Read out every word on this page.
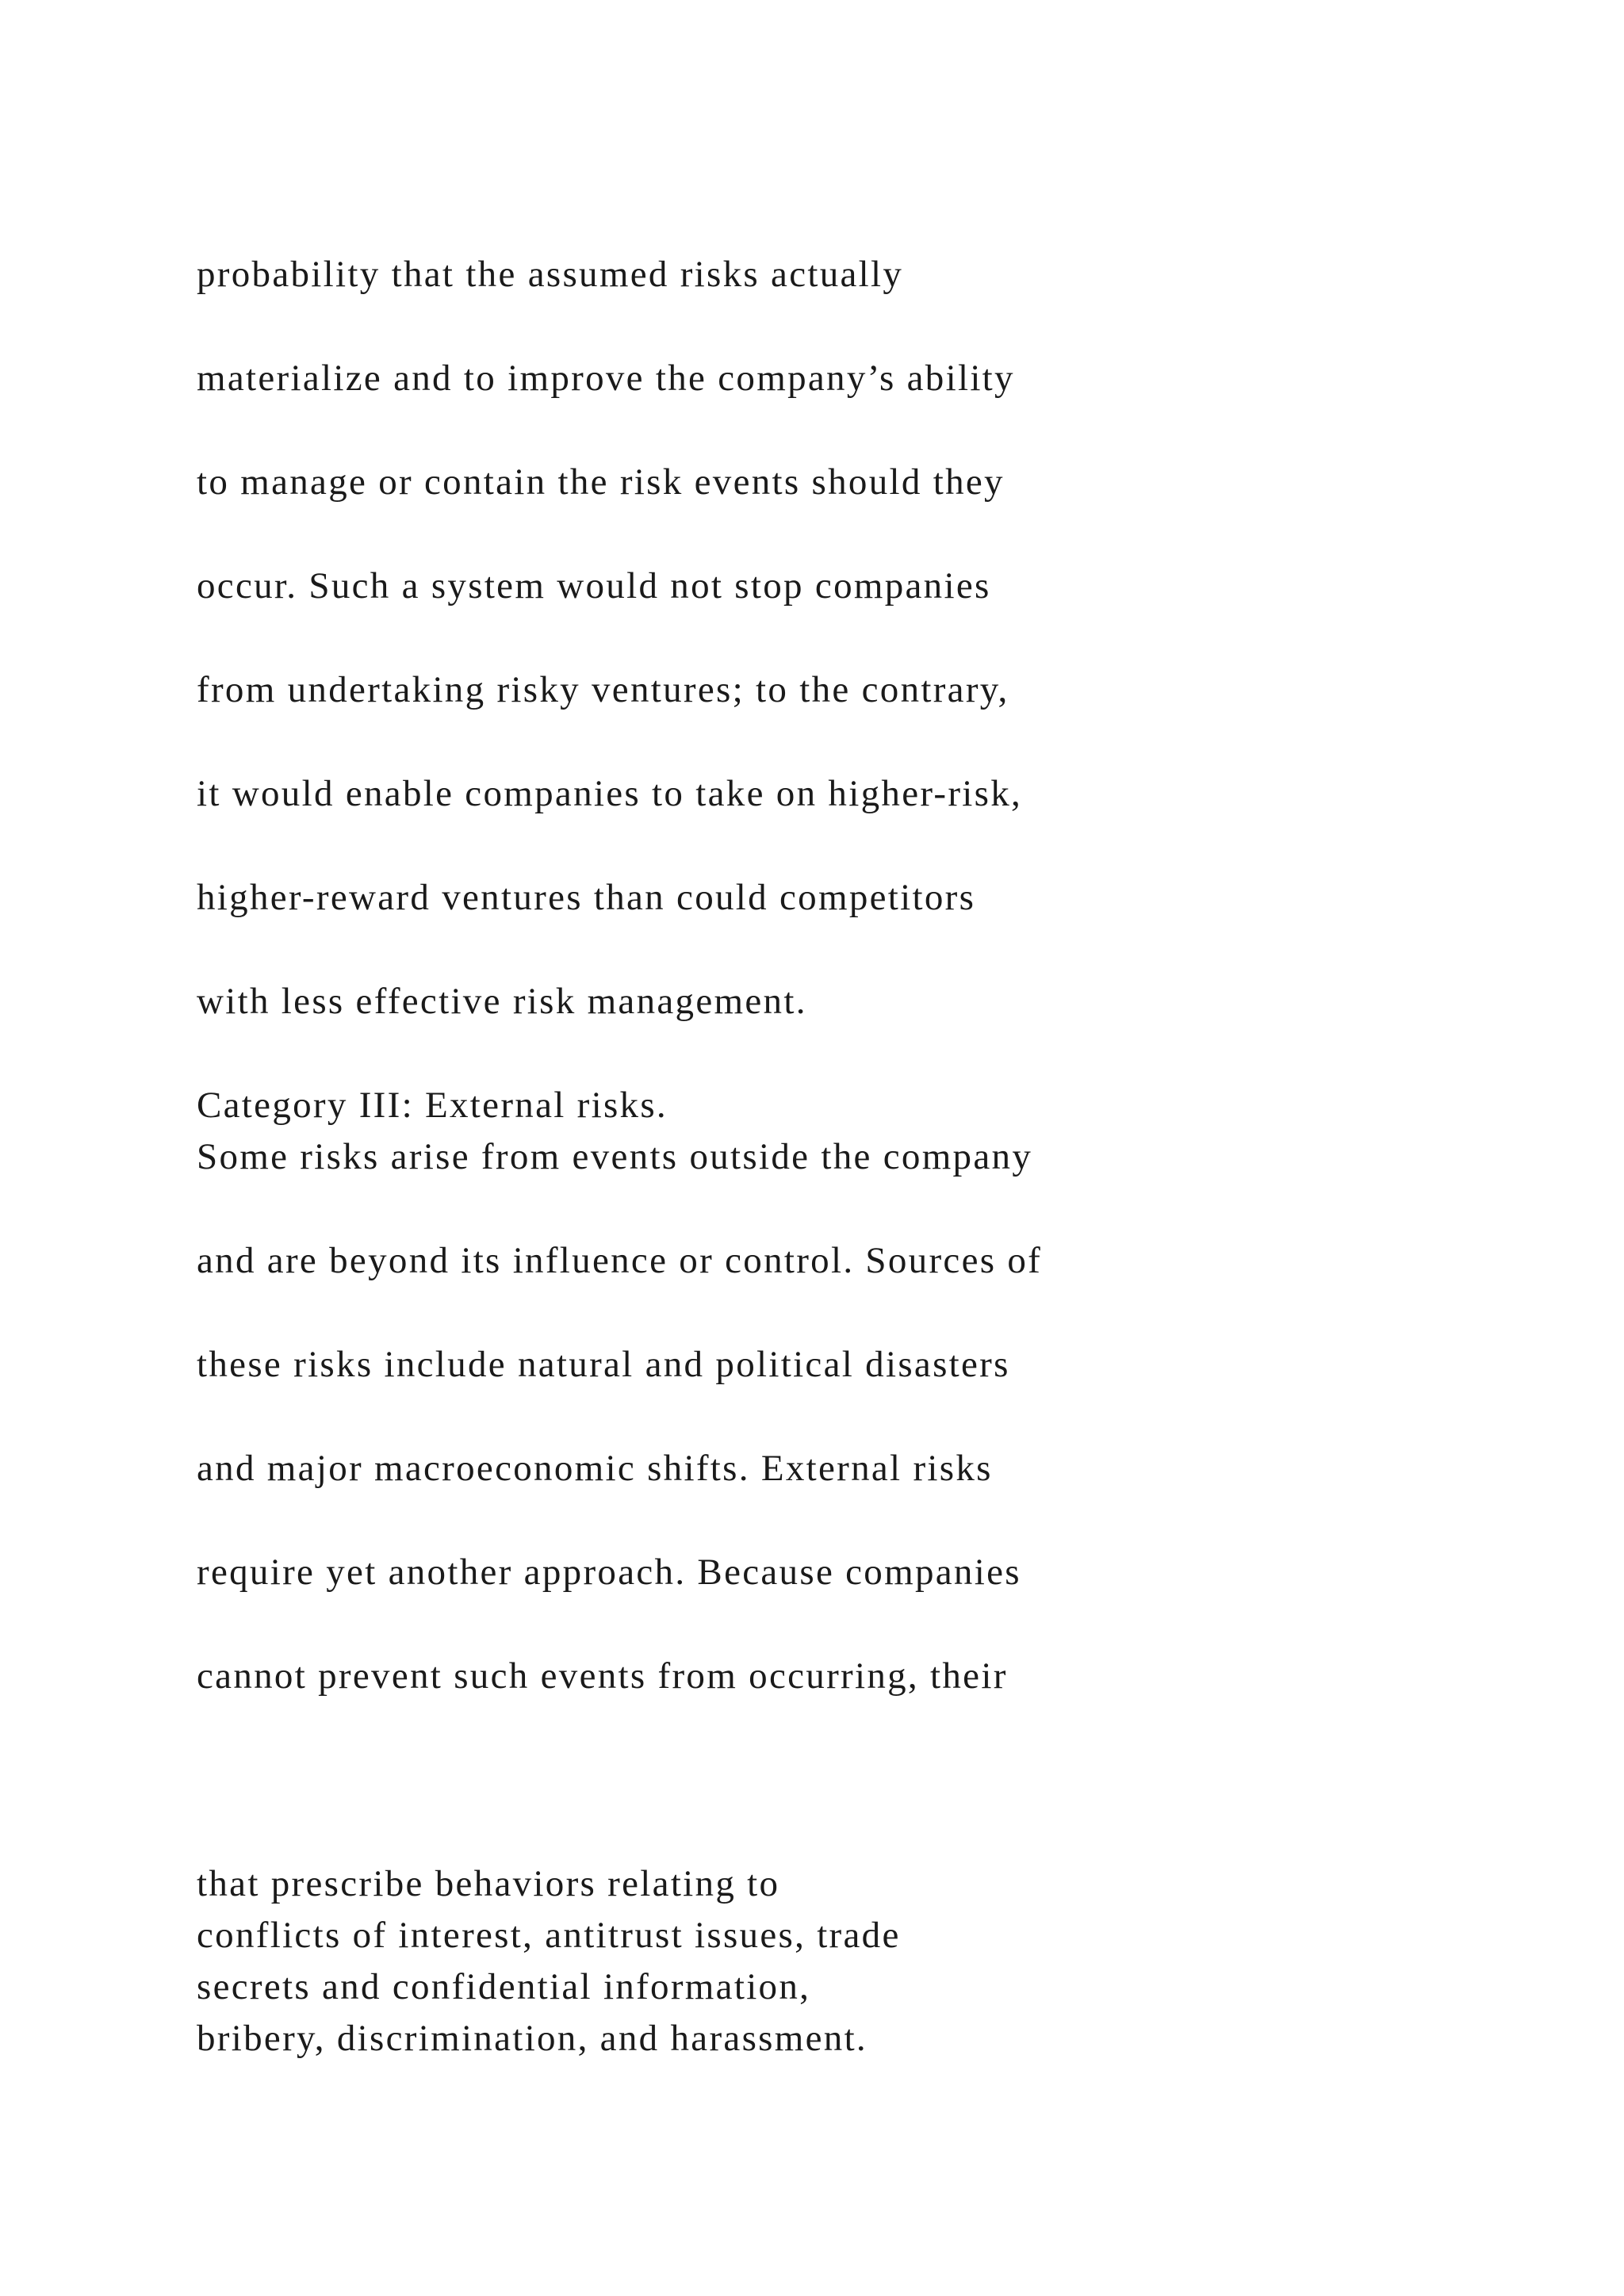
probability that the assumed risks actually

materialize and to improve the company’s ability

to manage or contain the risk events should they

occur. Such a system would not stop companies

from undertaking risky ventures; to the contrary,

it would enable companies to take on higher-risk,

higher-reward ventures than could competitors

with less effective risk management.

Category III: External risks.

Some risks arise from events outside the company

and are beyond its influence or control. Sources of

these risks include natural and political disasters

and major macroeconomic shifts. External risks

require yet another approach. Because companies

cannot prevent such events from occurring, their

that prescribe behaviors relating to

conflicts of interest, antitrust issues, trade

secrets and confidential information,

bribery, discrimination, and harassment.
